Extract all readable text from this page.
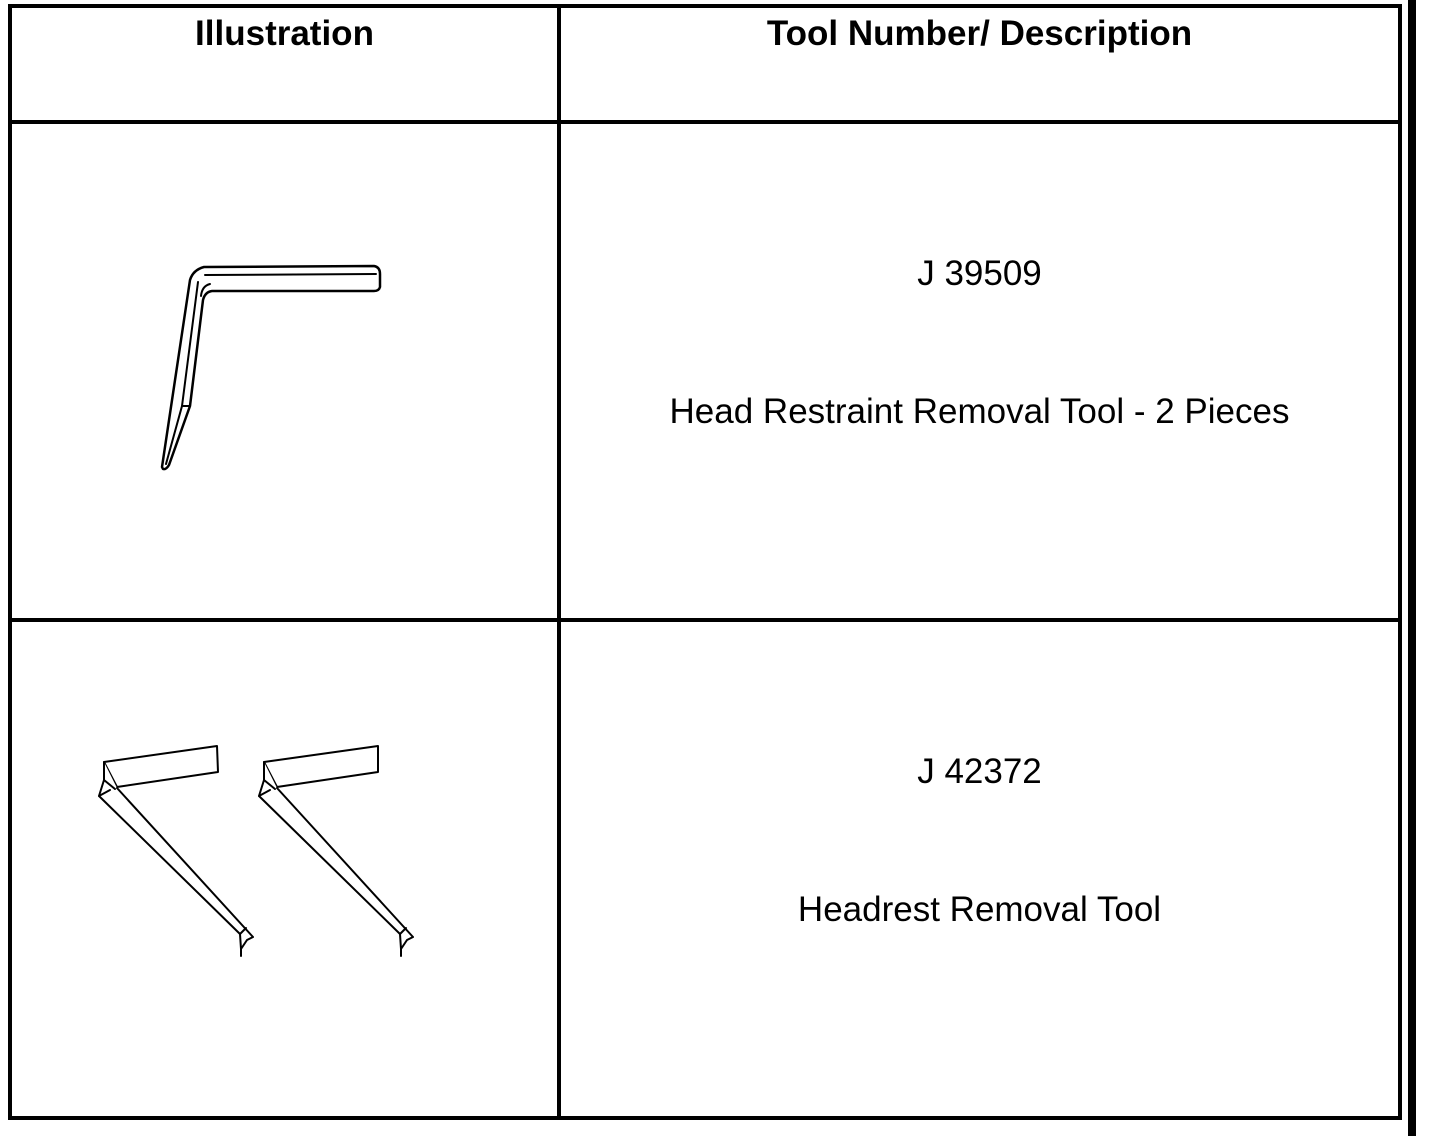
Illustration	Tool Number/ Description
J 39509
Head Restraint Removal Tool - 2 Pieces
J 42372
Headrest Removal Tool
